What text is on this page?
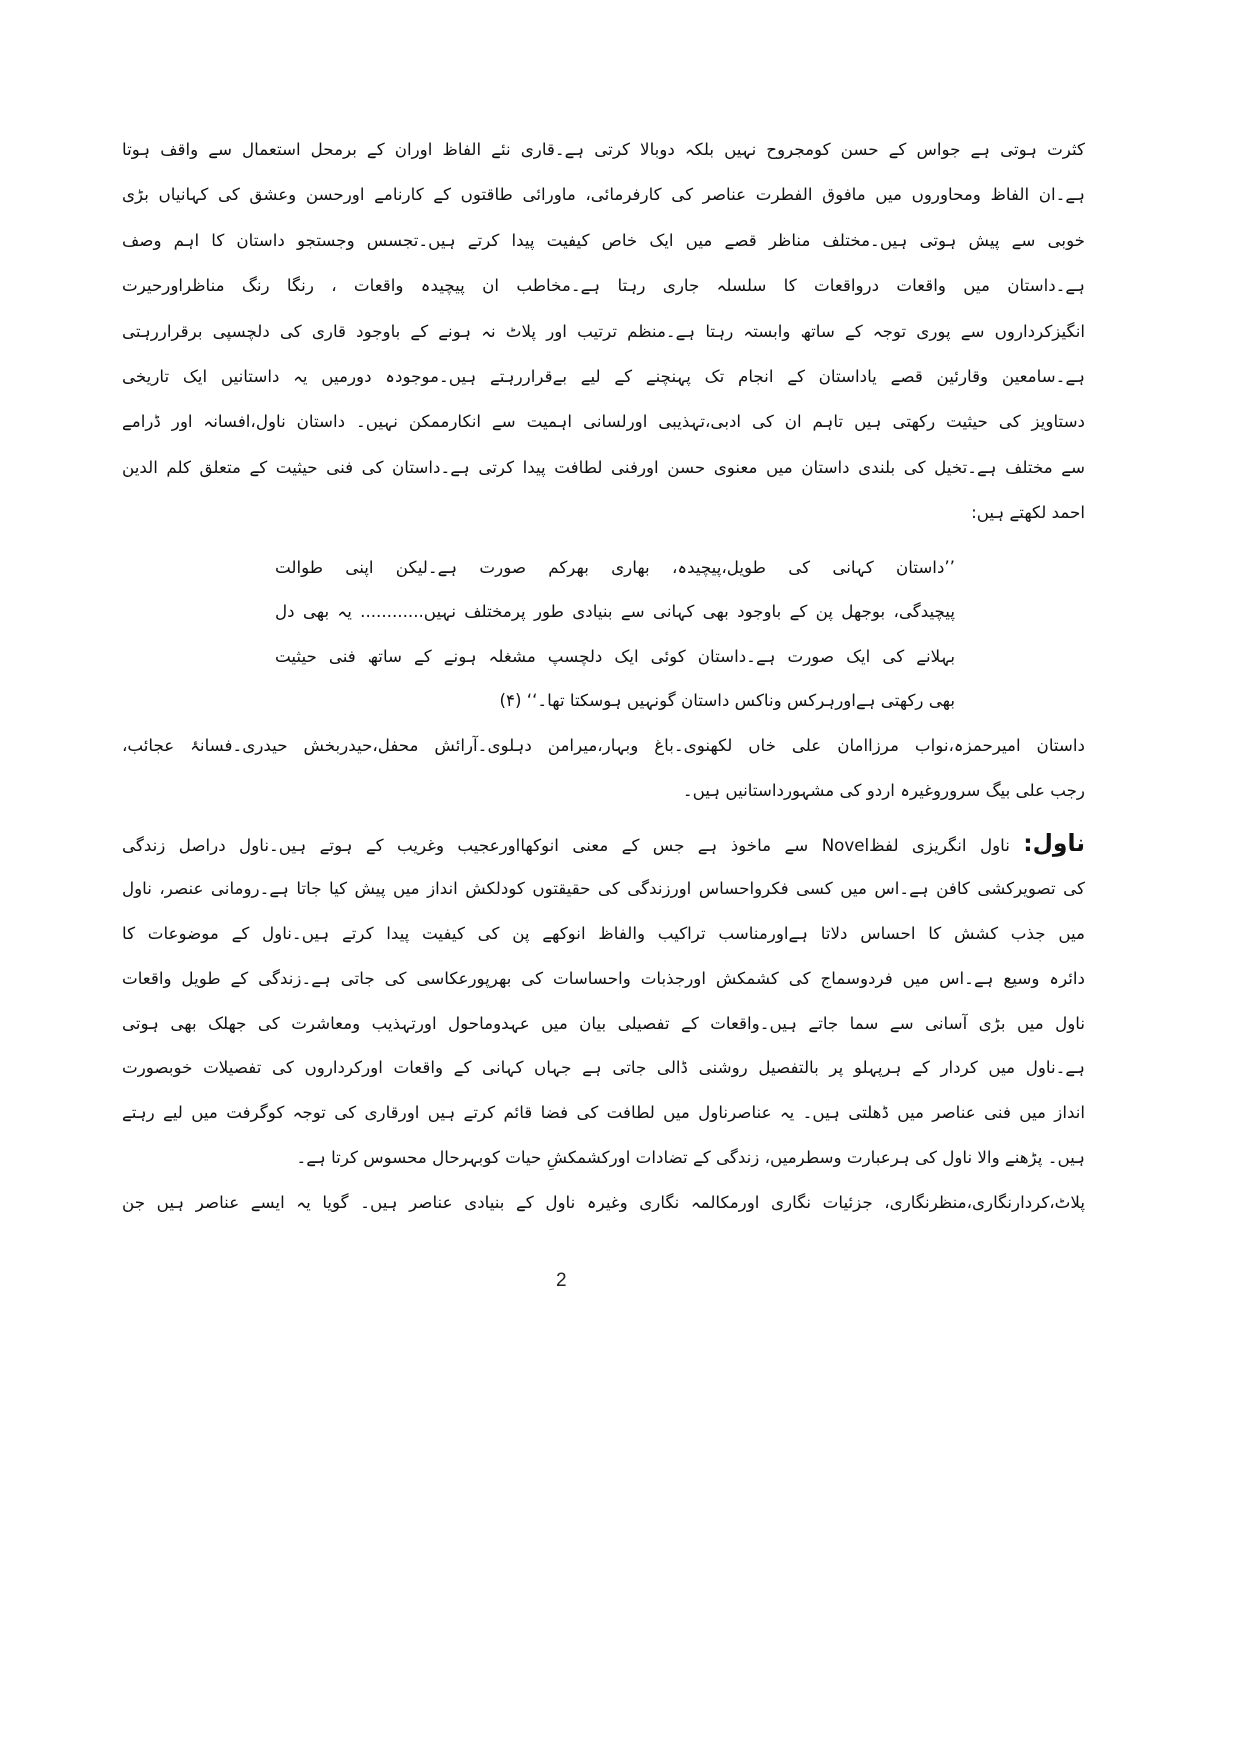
کثرت ہوتی ہے جواس کے حسن کومجروح نہیں بلکہ دوبالا کرتی ہے۔قاری نئے الفاظ اوران کے برمحل استعمال سے واقف ہوتا
ہے۔ان الفاظ ومحاوروں میں مافوق الفطرت عناصر کی کارفرمائی، ماورائی طاقتوں کے کارنامے اورحسن وعشق کی کہانیاں بڑی
خوبی سے پیش ہوتی ہیں۔مختلف مناظر قصے میں ایک خاص کیفیت پیدا کرتے ہیں۔تجسس وجستجو داستان کا اہم وصف
ہے۔داستان میں واقعات درواقعات کا سلسلہ جاری رہتا ہے۔مخاطب ان پیچیدہ واقعات ، رنگا رنگ مناظراورحیرت
انگیزکرداروں سے پوری توجہ کے ساتھ وابستہ رہتا ہے۔منظم ترتیب اور پلاٹ نہ ہونے کے باوجود قاری کی دلچسپی برقراررہتی
ہے۔سامعین وقارئین قصے یاداستان کے انجام تک پہنچنے کے لیے بےقراررہتے ہیں۔موجودہ دورمیں یہ داستانیں ایک تاریخی
دستاویز کی حیثیت رکھتی ہیں تاہم ان کی ادبی،تہذیبی اورلسانی اہمیت سے انکارممکن نہیں۔ داستان ناول،افسانہ اور ڈرامے
سے مختلف ہے۔تخیل کی بلندی داستان میں معنوی حسن اورفنی لطافت پیدا کرتی ہے۔داستان کی فنی حیثیت کے متعلق کلم الدین
احمد لکھتے ہیں:
’’داستان کہانی کی طویل،پیچیدہ، بھاری بھرکم صورت ہے۔لیکن اپنی طوالت
پیچیدگی، بوجھل پن کے باوجود بھی کہانی سے بنیادی طور پرمختلف نہیں............ یہ بھی دل
بہلانے کی ایک صورت ہے۔داستان کوئی ایک دلچسپ مشغلہ ہونے کے ساتھ فنی حیثیت
بھی رکھتی ہےاورہرکس وناکس داستان گونہیں ہوسکتا تھا۔‘‘ (۴)
داستان امیرحمزہ،نواب مرزاامان علی خاں لکھنوی۔باغ وبہار،میرامن دہلوی۔آرائش محفل،حیدربخش حیدری۔فسانۂ عجائب،
رجب علی بیگ سروروغیرہ اردو کی مشہورداستانیں ہیں۔
ناول: ناول انگریزی لفظNovel سے ماخوذ ہے جس کے معنی انوکھااورعجیب وغریب کے ہوتے ہیں۔ناول دراصل زندگی
کی تصویرکشی کافن ہے۔اس میں کسی فکرواحساس اورزندگی کی حقیقتوں کودلکش انداز میں پیش کیا جاتا ہے۔رومانی عنصر، ناول
میں جذب کشش کا احساس دلاتا ہےاورمناسب تراکیب والفاظ انوکھے پن کی کیفیت پیدا کرتے ہیں۔ناول کے موضوعات کا
دائرہ وسیع ہے۔اس میں فردوسماج کی کشمکش اورجذبات واحساسات کی بھرپورعکاسی کی جاتی ہے۔زندگی کے طویل واقعات
ناول میں بڑی آسانی سے سما جاتے ہیں۔واقعات کے تفصیلی بیان میں عہدوماحول اورتہذیب ومعاشرت کی جھلک بھی ہوتی
ہے۔ناول میں کردار کے ہرپہلو پر بالتفصیل روشنی ڈالی جاتی ہے جہاں کہانی کے واقعات اورکرداروں کی تفصیلات خوبصورت
انداز میں فنی عناصر میں ڈھلتی ہیں۔ یہ عناصرناول میں لطافت کی فضا قائم کرتے ہیں اورقاری کی توجہ کوگرفت میں لیے رہتے
ہیں۔ پڑھنے والا ناول کی ہرعبارت وسطرمیں، زندگی کے تضادات اورکشمکشِ حیات کوبہرحال محسوس کرتا ہے۔
پلاٹ،کردارنگاری،منظرنگاری، جزئیات نگاری اورمکالمہ نگاری وغیرہ ناول کے بنیادی عناصر ہیں۔ گویا یہ ایسے عناصر ہیں جن
2
